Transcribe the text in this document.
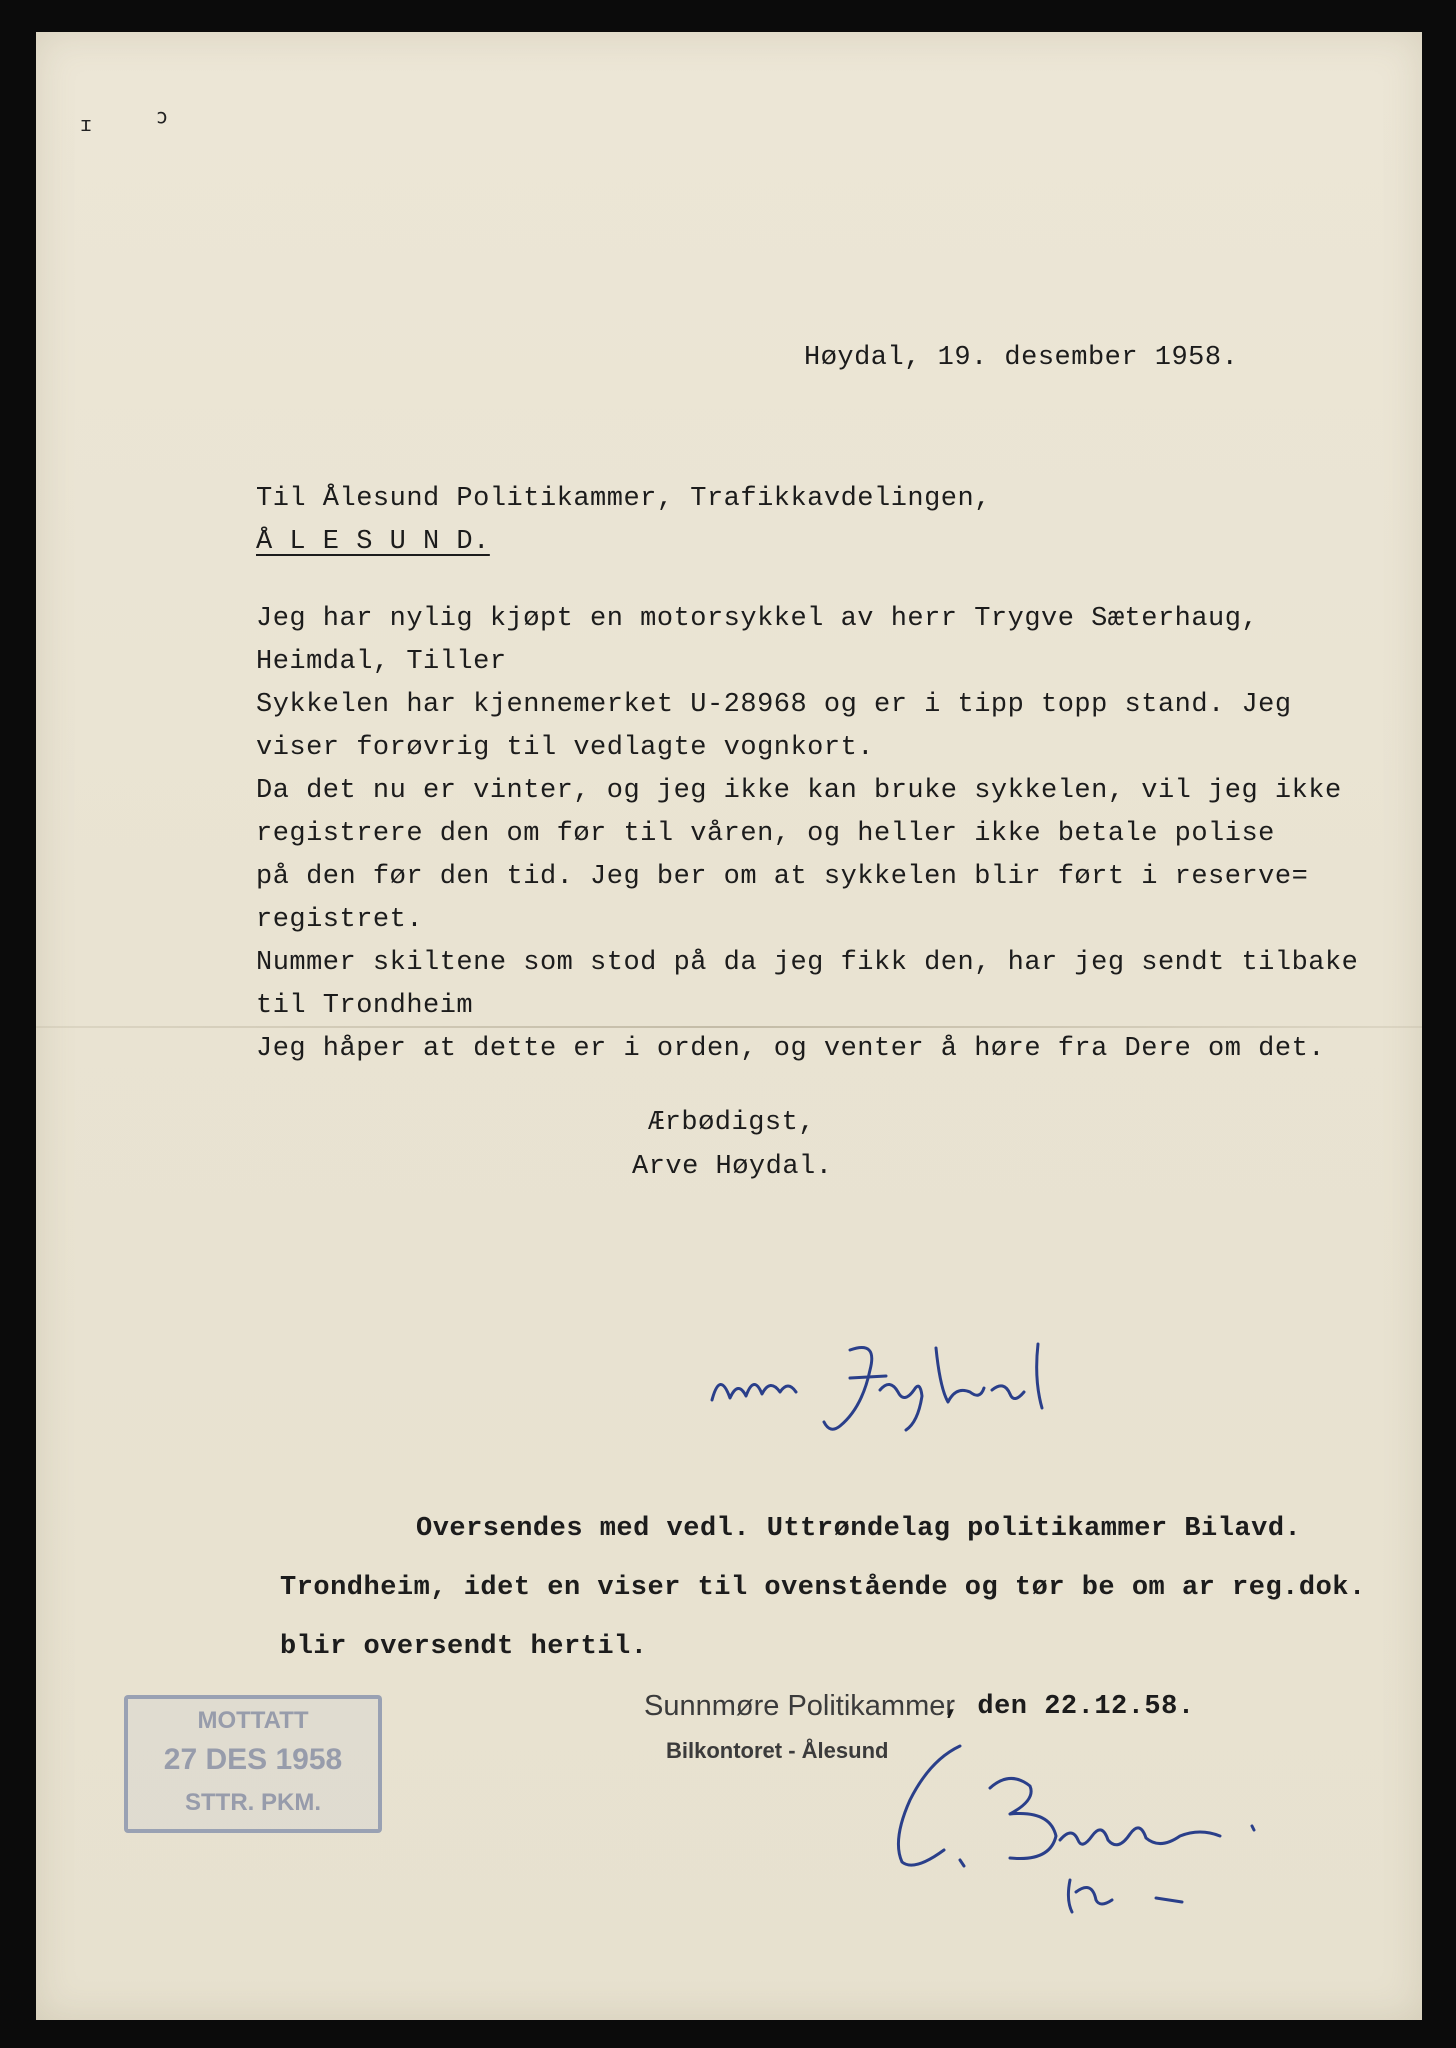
ɪ	ͻ
Høydal, 19. desember 1958.
Til Ålesund Politikammer, Trafikkavdelingen,
Å L E S U N D.
Jeg har nylig kjøpt en motorsykkel av herr Trygve Sæterhaug,
Heimdal, Tiller
Sykkelen har kjennemerket U-28968 og er i tipp topp stand. Jeg
viser forøvrig til vedlagte vognkort.
Da det nu er vinter, og jeg ikke kan bruke sykkelen, vil jeg ikke
registrere den om før til våren, og heller ikke betale polise
på den før den tid. Jeg ber om at sykkelen blir ført i reserve=
registret.
Nummer skiltene som stod på da jeg fikk den, har jeg sendt tilbake
til Trondheim
Jeg håper at dette er i orden, og venter å høre fra Dere om det.
Ærbødigst,
Arve Høydal.
Oversendes med vedl. Uttrøndelag politikammer Bilavd.
Trondheim, idet en viser til ovenstående og tør be om ar reg.dok.
blir oversendt hertil.
Sunnmøre Politikammer
, den 22.12.58.
Bilkontoret - Ålesund
MOTTATT
27 DES 1958
STTR. PKM.
